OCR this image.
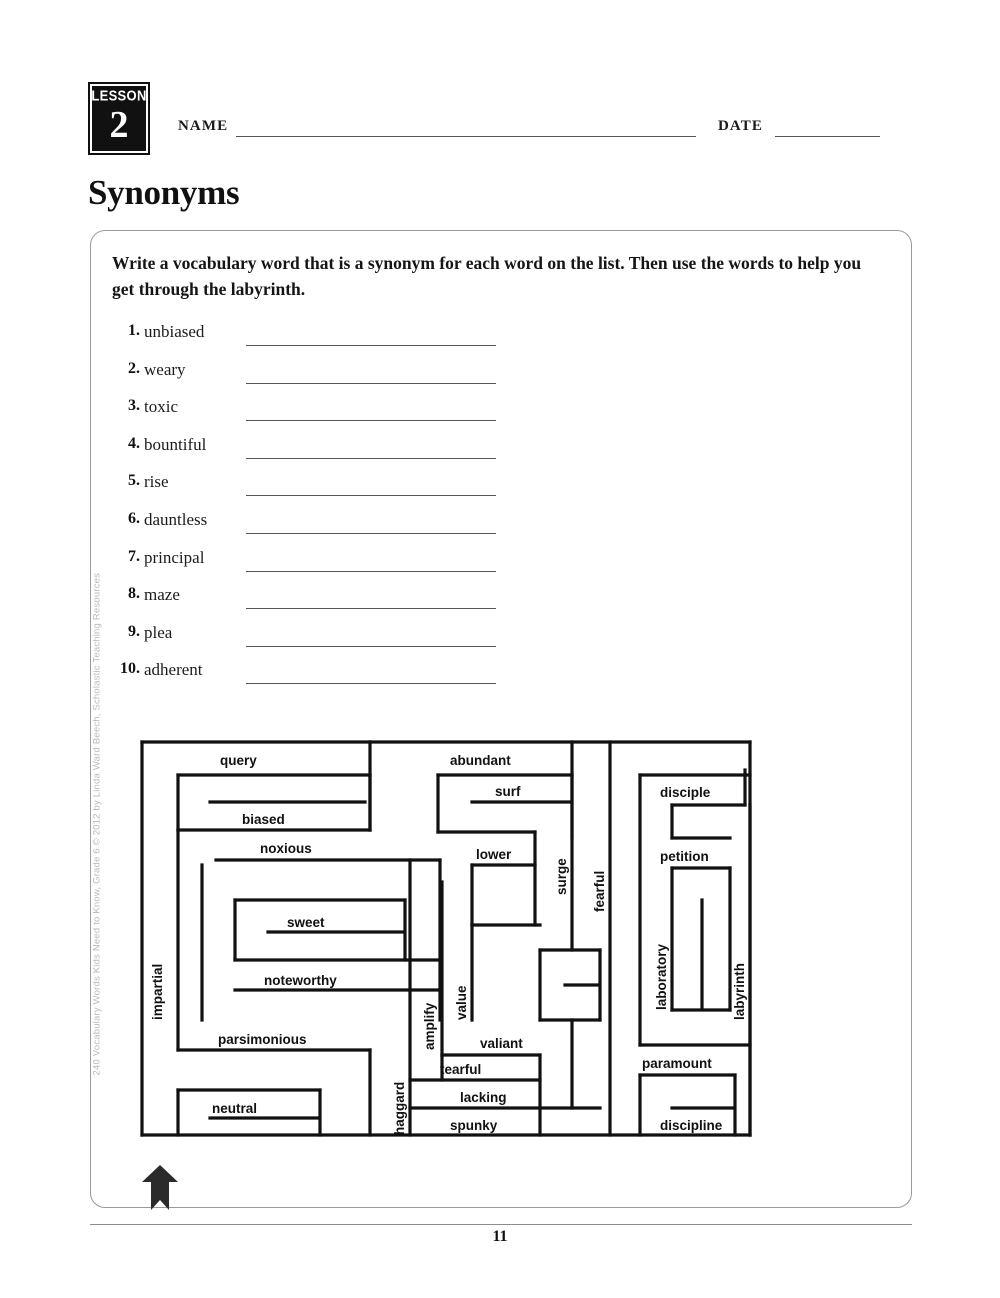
LESSON
2	NAME	DATE
Synonyms
Write a vocabulary word that is a synonym for each word on the list. Then use the words to help you get through the labyrinth.
1. unbiased
2. weary
3. toxic
4. bountiful
5. rise
6. dauntless
7. principal
8. maze
9. plea
10. adherent
query	abundant
disciple
surf
biased
petition
noxious	lower
sweet
noteworthy
parsimonious	valiant
tearful	paramount
neutral
lacking
spunky	discipline
impartial
amplify value
surge fearful
laboratory	labyrinth
haggard
11
240 Vocabulary Words Kids Need to Know, Grade 6 © 2012 by Linda Ward Beech, Scholastic Teaching Resources
